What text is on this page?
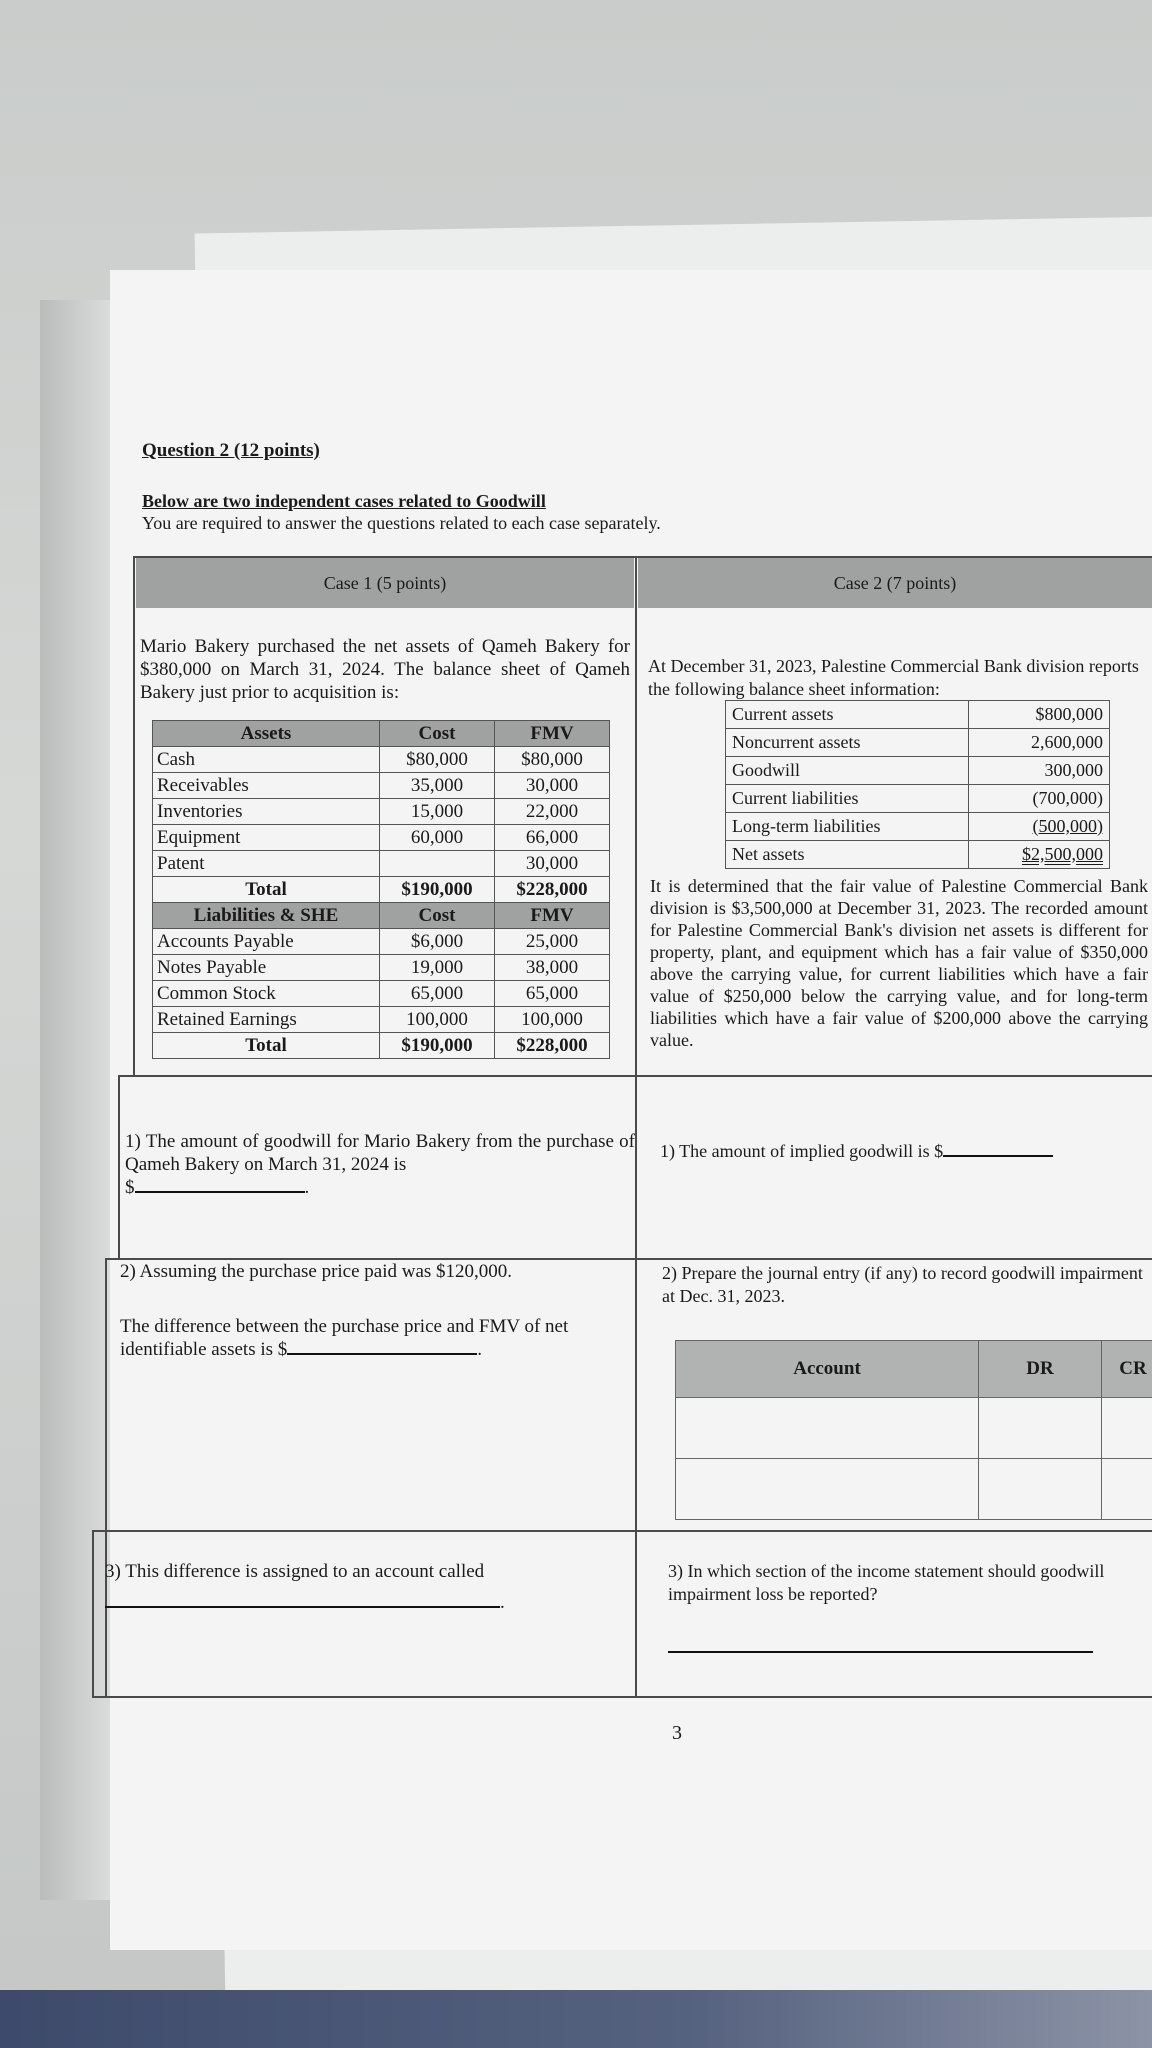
Question 2 (12 points)
Below are two independent cases related to Goodwill
You are required to answer the questions related to each case separately.
Case 1 (5 points)	Case 2 (7 points)
Mario Bakery purchased the net assets of Qameh Bakery for $380,000 on March 31, 2024. The balance sheet of Qameh Bakery just prior to acquisition is:
Assets	Cost	FMV
Cash	$80,000	$80,000
Receivables	35,000	30,000
Inventories	15,000	22,000
Equipment	60,000	66,000
Patent		30,000
Total	$190,000	$228,000
Liabilities & SHE	Cost	FMV
Accounts Payable	$6,000	25,000
Notes Payable	19,000	38,000
Common Stock	65,000	65,000
Retained Earnings	100,000	100,000
Total	$190,000	$228,000
At December 31, 2023, Palestine Commercial Bank division reports the following balance sheet information:
Current assets	$800,000
Noncurrent assets	2,600,000
Goodwill	300,000
Current liabilities	(700,000)
Long-term liabilities	(500,000)
Net assets	$2,500,000
It is determined that the fair value of Palestine Commercial Bank division is $3,500,000 at December 31, 2023. The recorded amount for Palestine Commercial Bank's division net assets is different for property, plant, and equipment which has a fair value of $350,000 above the carrying value, for current liabilities which have a fair value of $250,000 below the carrying value, and for long-term liabilities which have a fair value of $200,000 above the carrying value.
1) The amount of goodwill for Mario Bakery from the purchase of Qameh Bakery on March 31, 2024 is
$	.
2) Assuming the purchase price paid was $120,000.
The difference between the purchase price and FMV of net identifiable assets is $	.
3) This difference is assigned to an account called
.
1) The amount of implied goodwill is $
2) Prepare the journal entry (if any) to record goodwill impairment at Dec. 31, 2023.
Account	DR	CR

3) In which section of the income statement should goodwill impairment loss be reported?
3
